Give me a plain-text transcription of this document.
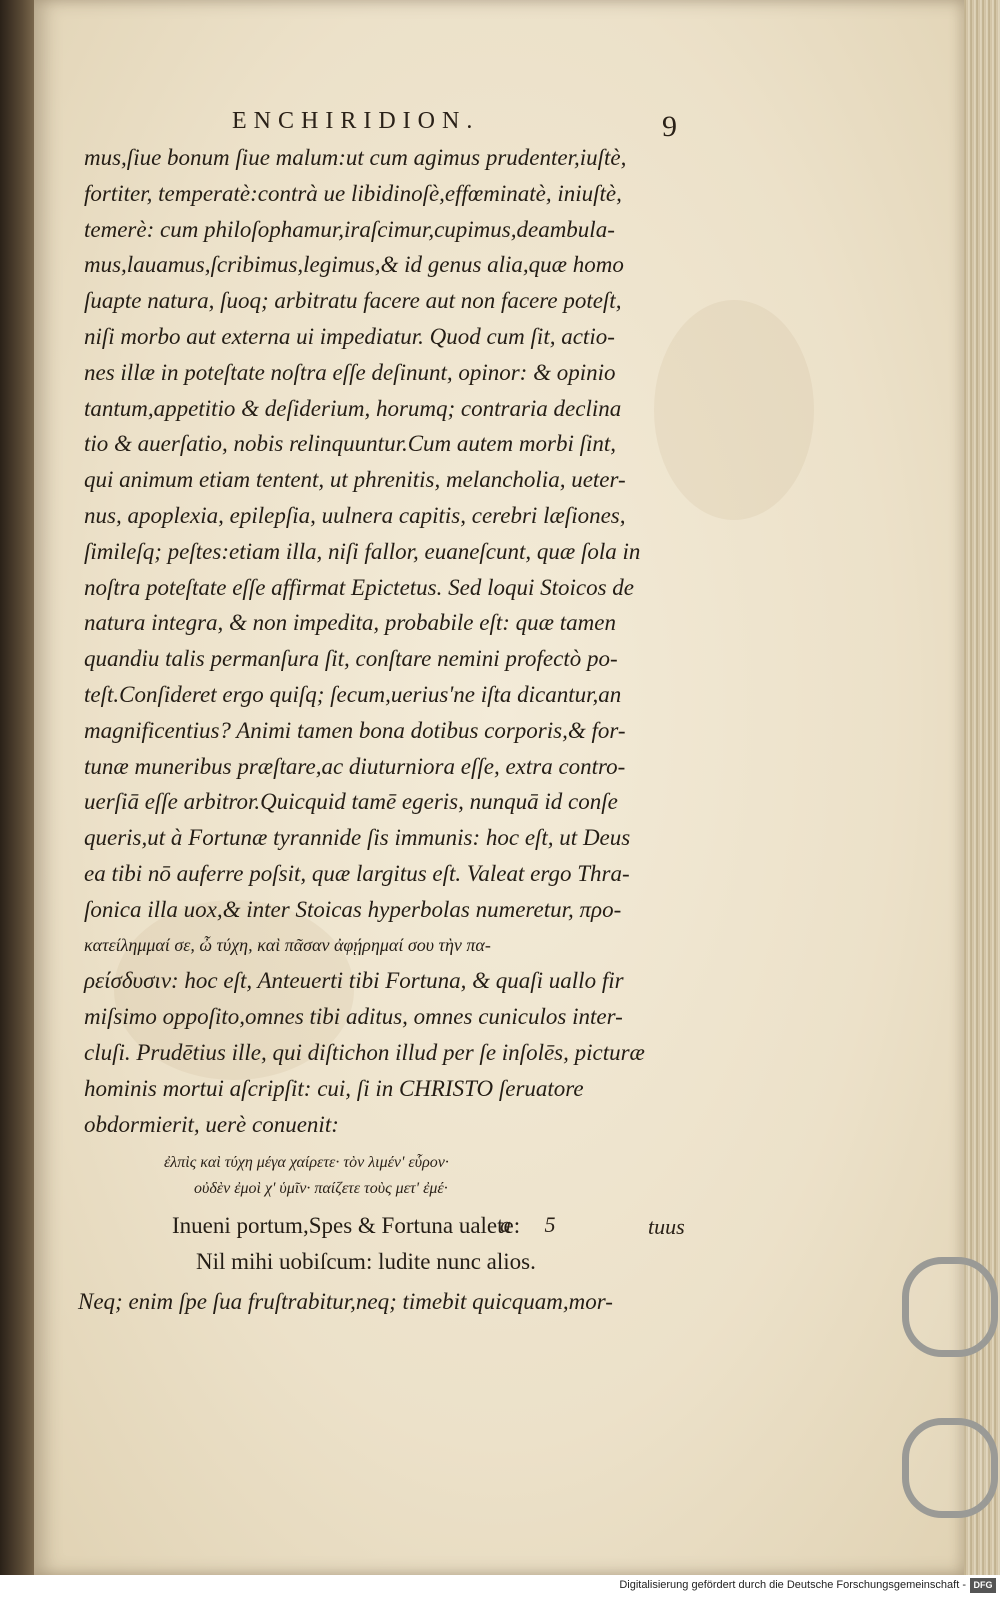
ENCHIRIDION.	9
mus,ſiue bonum ſiue malum:ut cum agimus prudenter,iuſtè,
fortiter, temperatè:contrà ue libidinoſè,effœminatè, iniuſtè,
temerè: cum philoſophamur,iraſcimur,cupimus,deambula-
mus,lauamus,ſcribimus,legimus,& id genus alia,quæ homo
ſuapte natura, ſuoq; arbitratu facere aut non facere poteſt,
niſi morbo aut externa ui impediatur. Quod cum ſit, actio-
nes illæ in poteſtate noſtra eſſe deſinunt, opinor: & opinio
tantum,appetitio & deſiderium, horumq; contraria declina
tio & auerſatio, nobis relinquuntur.Cum autem morbi ſint,
qui animum etiam tentent, ut phrenitis, melancholia, ueter-
nus, apoplexia, epilepſia, uulnera capitis, cerebri læſiones,
ſimileſq; peſtes:etiam illa, niſi fallor, euaneſcunt, quæ ſola in
noſtra poteſtate eſſe affirmat Epictetus. Sed loqui Stoicos de
natura integra, & non impedita, probabile eſt: quæ tamen
quandiu talis permanſura ſit, conſtare nemini profectò po-
teſt.Conſideret ergo quiſq; ſecum,uerius'ne iſta dicantur,an
magnificentius? Animi tamen bona dotibus corporis,& for-
tunæ muneribus præſtare,ac diuturniora eſſe, extra contro-
uerſiā eſſe arbitror.Quicquid tamē egeris, nunquā id conſe
queris,ut à Fortunæ tyrannide ſis immunis: hoc eſt, ut Deus
ea tibi nō auferre poſsit, quæ largitus eſt. Valeat ergo Thra-
ſonica illa uox,& inter Stoicas hyperbolas numeretur, προ-
κατείλημμαί σε, ὦ τύχη, καὶ πᾶσαν ἀφῄρημαί σου τὴν πα-
ρείσδυσιν: hoc eſt, Anteuerti tibi Fortuna, & quaſi uallo fir
miſsimo oppoſito,omnes tibi aditus, omnes cuniculos inter-
cluſi. Prudētius ille, qui diſtichon illud per ſe inſolēs, picturæ
hominis mortui aſcripſit: cui, ſi in CHRISTO ſeruatore
obdormierit, uerè conuenit:
ἐλπὶς καὶ τύχη μέγα χαίρετε· τὸν λιμέν' εὗρον·
οὐδὲν ἐμοὶ χ' ὑμῖν· παίζετε τοὺς μετ' ἐμέ·
Inueni portum,Spes & Fortuna ualete:
Nil mihi uobiſcum: ludite nunc alios.
Neq; enim ſpe ſua fruſtrabitur,neq; timebit quicquam,mor-
a 5	tuus
Digitalisierung gefördert durch die Deutsche Forschungsgemeinschaft - DFG
